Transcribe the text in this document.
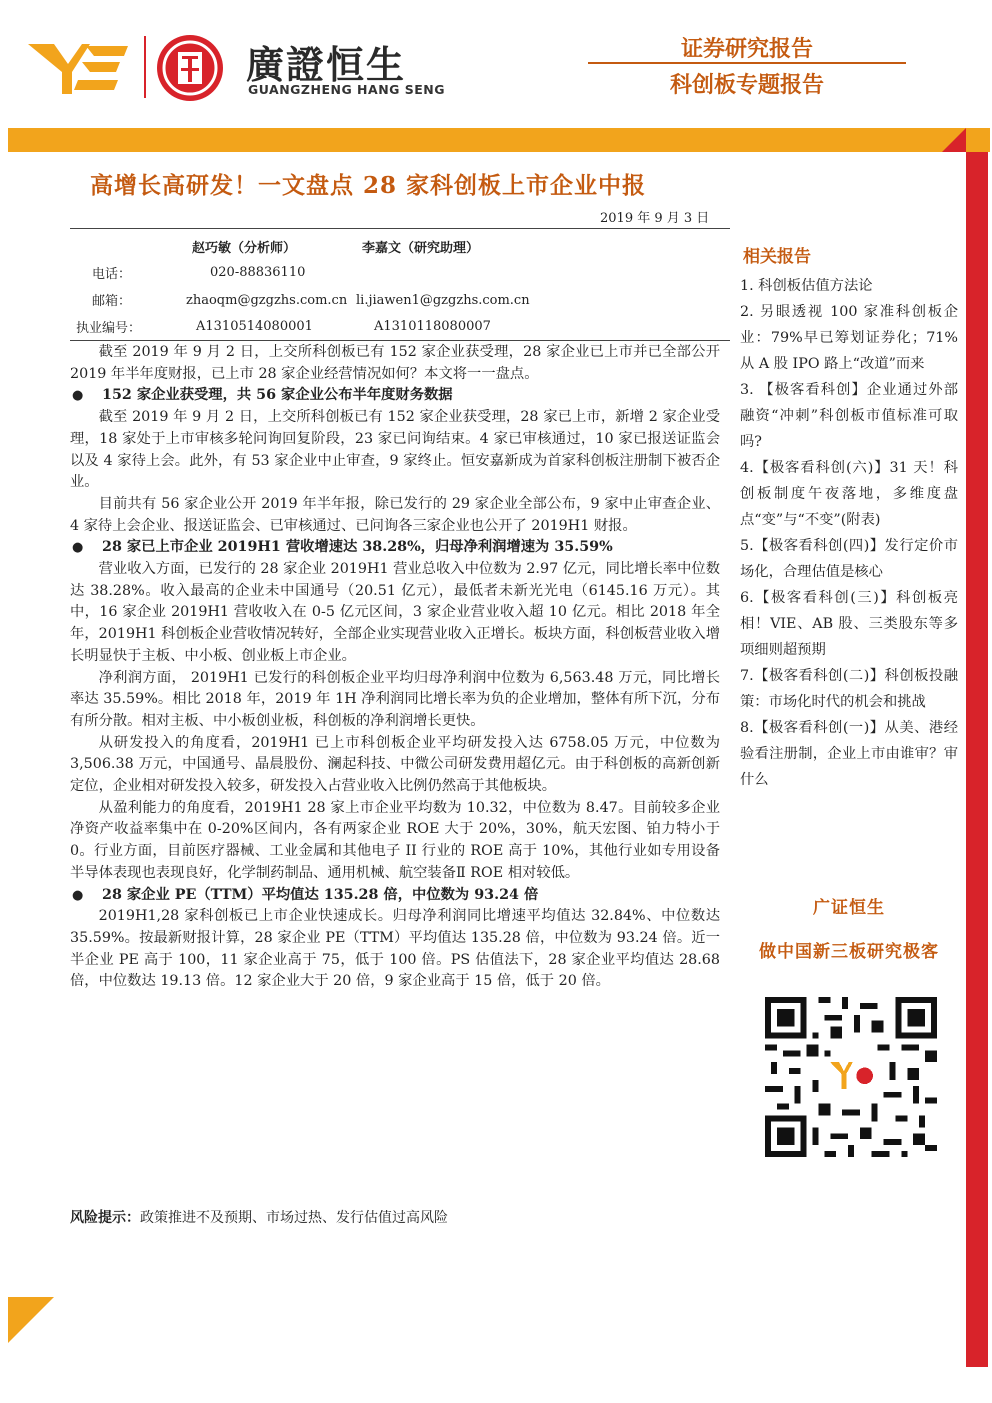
廣證恒生
GUANGZHENG HANG SENG
证券研究报告
科创板专题报告
高增长高研发！一文盘点 28 家科创板上市企业中报
2019 年 9 月 3 日
赵巧敏（分析师）	李嘉文（研究助理）
电话：	020-88836110
邮箱：	zhaoqm@gzgzhs.com.cn li.jiawen1@gzgzhs.com.cn
执业编号：	A1310514080001	A1310118080007

截至 2019 年 9 月 2 日，上交所科创板已有 152 家企业获受理，28 家企业已上市并已全部公开 2019 年半年度财报，已上市 28 家企业经营情况如何？本文将一一盘点。

● 152 家企业获受理，共 56 家企业公布半年度财务数据

截至 2019 年 9 月 2 日，上交所科创板已有 152 家企业获受理，28 家已上市，新增 2 家企业受理，18 家处于上市审核多轮问询回复阶段，23 家已问询结束。4 家已审核通过，10 家已报送证监会以及 4 家待上会。此外，有 53 家企业中止审查，9 家终止。恒安嘉新成为首家科创板注册制下被否企业。

目前共有 56 家企业公开 2019 年半年报，除已发行的 29 家企业全部公布，9 家中止审查企业、4 家待上会企业、报送证监会、已审核通过、已问询各三家企业也公开了 2019H1 财报。

● 28 家已上市企业 2019H1 营收增速达 38.28%，归母净利润增速为 35.59%

营业收入方面，已发行的 28 家企业 2019H1 营业总收入中位数为 2.97 亿元，同比增长率中位数达 38.28%。收入最高的企业未中国通号（20.51 亿元），最低者未新光光电（6145.16 万元）。其中，16 家企业 2019H1 营收收入在 0-5 亿元区间，3 家企业营业收入超 10 亿元。相比 2018 年全年，2019H1 科创板企业营收情况转好，全部企业实现营业收入正增长。板块方面，科创板营业收入增长明显快于主板、中小板、创业板上市企业。

净利润方面， 2019H1 已发行的科创板企业平均归母净利润中位数为 6,563.48 万元，同比增长率达 35.59%。相比 2018 年，2019 年 1H 净利润同比增长率为负的企业增加，整体有所下沉，分布有所分散。相对主板、中小板创业板，科创板的净利润增长更快。

从研发投入的角度看，2019H1 已上市科创板企业平均研发投入达 6758.05 万元，中位数为 3,506.38 万元，中国通号、晶晨股份、澜起科技、中微公司研发费用超亿元。由于科创板的高新创新定位，企业相对研发投入较多，研发投入占营业收入比例仍然高于其他板块。

从盈利能力的角度看，2019H1 28 家上市企业平均数为 10.32，中位数为 8.47。目前较多企业净资产收益率集中在 0-20%区间内，各有两家企业 ROE 大于 20%，30%，航天宏图、铂力特小于 0。行业方面，目前医疗器械、工业金属和其他电子 II 行业的 ROE 高于 10%，其他行业如专用设备半导体表现也表现良好，化学制药制品、通用机械、航空装备Ⅱ ROE 相对较低。

● 28 家企业 PE（TTM）平均值达 135.28 倍，中位数为 93.24 倍

2019H1,28 家科创板已上市企业快速成长。归母净利润同比增速平均值达 32.84%、中位数达 35.59%。按最新财报计算，28 家企业 PE（TTM）平均值达 135.28 倍，中位数为 93.24 倍。近一半企业 PE 高于 100，11 家企业高于 75，低于 100 倍。PS 估值法下，28 家企业平均值达 28.68 倍，中位数达 19.13 倍。12 家企业大于 20 倍，9 家企业高于 15 倍，低于 20 倍。

风险提示：政策推进不及预期、市场过热、发行估值过高风险
相关报告
1. 科创板估值方法论
2. 另眼透视 100 家准科创板企业：79%早已筹划证券化；71%从 A 股 IPO 路上“改道”而来
3. 【极客看科创】企业通过外部融资“冲刺”科创板市值标准可取吗?
4.【极客看科创(六)】31 天！科创板制度午夜落地，多维度盘点“变”与“不变”(附表)
5.【极客看科创(四)】发行定价市场化，合理估值是核心
6.【极客看科创(三)】科创板亮相！VIE、AB 股、三类股东等多项细则超预期
7.【极客看科创(二)】科创板投融策：市场化时代的机会和挑战
8.【极客看科创(一)】从美、港经验看注册制，企业上市由谁审？审什么
广证恒生
做中国新三板研究极客
